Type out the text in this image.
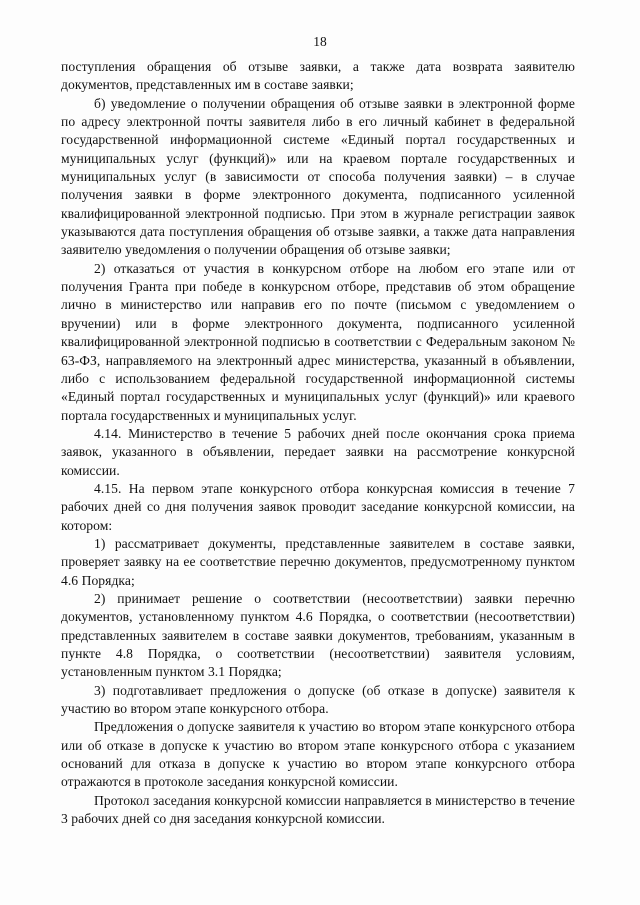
18

поступления обращения об отзыве заявки, а также дата возврата заявителю документов, представленных им в составе заявки;

б) уведомление о получении обращения об отзыве заявки в электронной форме по адресу электронной почты заявителя либо в его личный кабинет в федеральной государственной информационной системе «Единый портал государственных и муниципальных услуг (функций)» или на краевом портале государственных и муниципальных услуг (в зависимости от способа получения заявки) – в случае получения заявки в форме электронного документа, подписанного усиленной квалифицированной электронной подписью. При этом в журнале регистрации заявок указываются дата поступления обращения об отзыве заявки, а также дата направления заявителю уведомления о получении обращения об отзыве заявки;

2) отказаться от участия в конкурсном отборе на любом его этапе или от получения Гранта при победе в конкурсном отборе, представив об этом обращение лично в министерство или направив его по почте (письмом с уведомлением о вручении) или в форме электронного документа, подписанного усиленной квалифицированной электронной подписью в соответствии с Федеральным законом № 63-ФЗ, направляемого на электронный адрес министерства, указанный в объявлении, либо с использованием федеральной государственной информационной системы «Единый портал государственных и муниципальных услуг (функций)» или краевого портала государственных и муниципальных услуг.

4.14. Министерство в течение 5 рабочих дней после окончания срока приема заявок, указанного в объявлении, передает заявки на рассмотрение конкурсной комиссии.

4.15. На первом этапе конкурсного отбора конкурсная комиссия в течение 7 рабочих дней со дня получения заявок проводит заседание конкурсной комиссии, на котором:

1) рассматривает документы, представленные заявителем в составе заявки, проверяет заявку на ее соответствие перечню документов, предусмотренному пунктом 4.6 Порядка;

2) принимает решение о соответствии (несоответствии) заявки перечню документов, установленному пунктом 4.6 Порядка, о соответствии (несоответствии) представленных заявителем в составе заявки документов, требованиям, указанным в пункте 4.8 Порядка, о соответствии (несоответствии) заявителя условиям, установленным пунктом 3.1 Порядка;

3) подготавливает предложения о допуске (об отказе в допуске) заявителя к участию во втором этапе конкурсного отбора.

Предложения о допуске заявителя к участию во втором этапе конкурсного отбора или об отказе в допуске к участию во втором этапе конкурсного отбора с указанием оснований для отказа в допуске к участию во втором этапе конкурсного отбора отражаются в протоколе заседания конкурсной комиссии.

Протокол заседания конкурсной комиссии направляется в министерство в течение 3 рабочих дней со дня заседания конкурсной комиссии.
